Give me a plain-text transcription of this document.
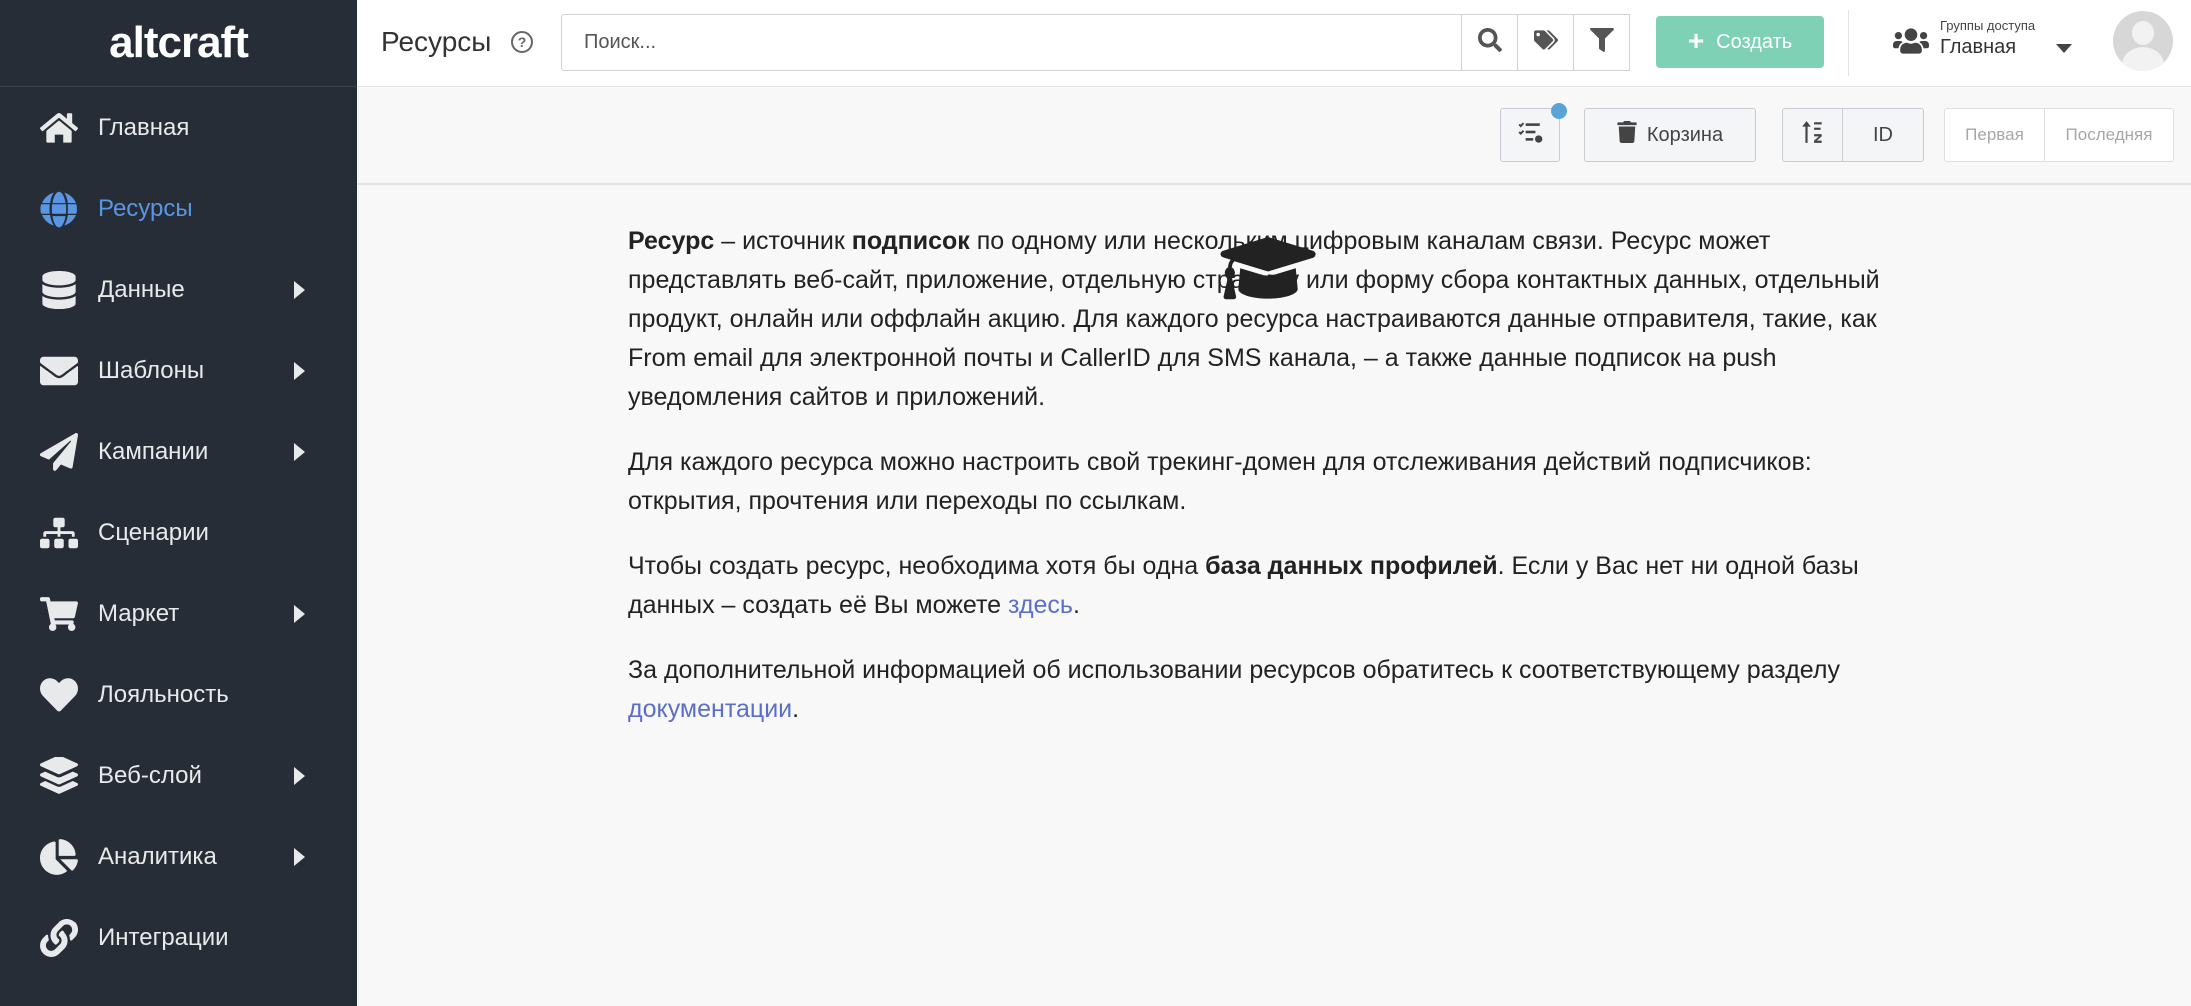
altcraft
Главная
Ресурсы
Данные
Шаблоны
Кампании
Сценарии
Маркет
Лояльность
Веб-слой
Аналитика
Интеграции
Ресурсы	?
Поиск...	+ Создать
Группы доступа
Главная
Корзина	ID	Первая Последняя

Ресурс – источник подписок по одному или нескольким цифровым каналам связи. Ресурс может представлять веб-сайт, приложение, отдельную страницу или форму сбора контактных данных, отдельный продукт, онлайн или оффлайн акцию. Для каждого ресурса настраиваются данные отправителя, такие, как From email для электронной почты и CallerID для SMS канала, – а также данные подписок на push уведомления сайтов и приложений.

Для каждого ресурса можно настроить свой трекинг-домен для отслеживания действий подписчиков: открытия, прочтения или переходы по ссылкам.

Чтобы создать ресурс, необходима хотя бы одна база данных профилей. Если у Вас нет ни одной базы данных – создать её Вы можете здесь.

За дополнительной информацией об использовании ресурсов обратитесь к соответствующему разделу документации.
